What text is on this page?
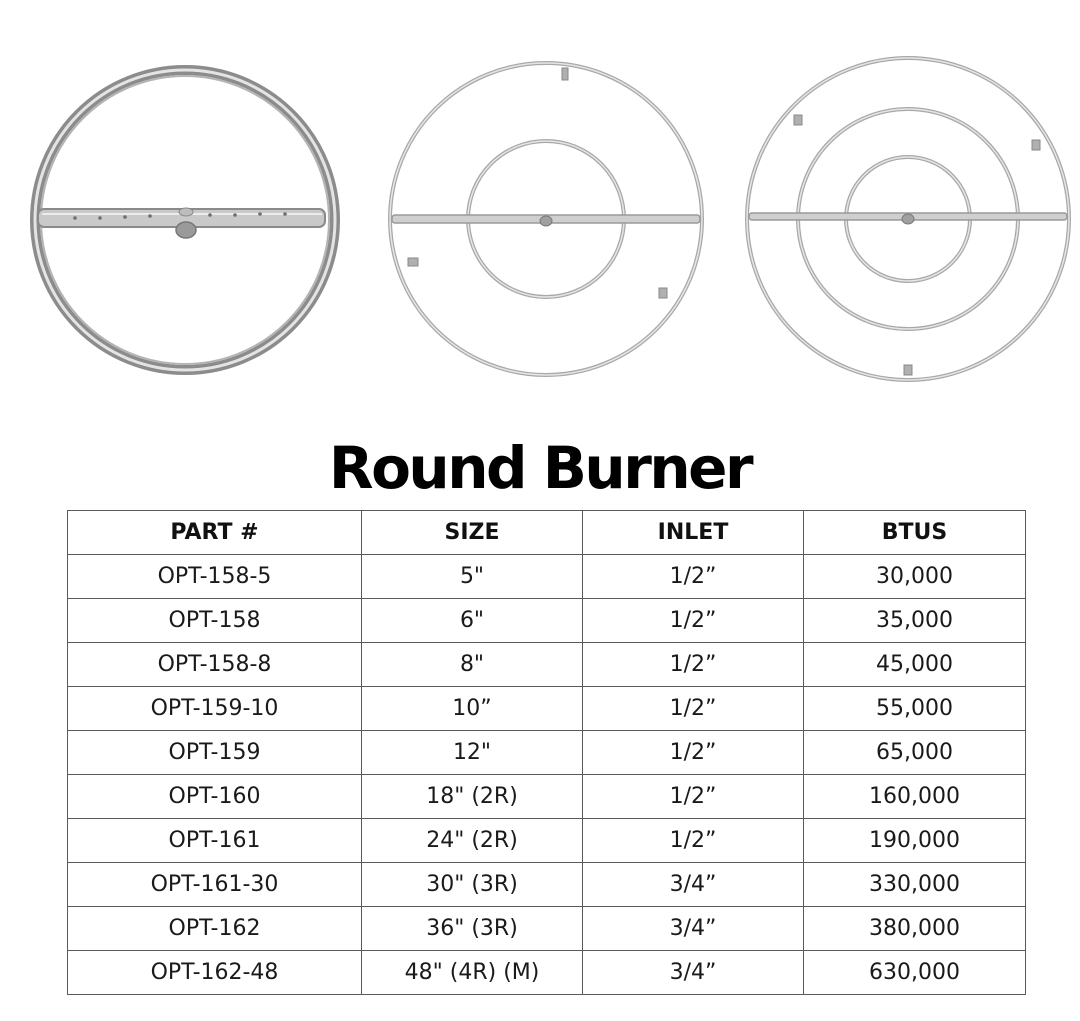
Round Burner
PART #	SIZE	INLET	BTUS
OPT-158-5	5"	1/2”	30,000
OPT-158	6"	1/2”	35,000
OPT-158-8	8"	1/2”	45,000
OPT-159-10	10”	1/2”	55,000
OPT-159	12"	1/2”	65,000
OPT-160	18" (2R)	1/2”	160,000
OPT-161	24" (2R)	1/2”	190,000
OPT-161-30	30" (3R)	3/4”	330,000
OPT-162	36" (3R)	3/4”	380,000
OPT-162-48	48" (4R) (M)	3/4”	630,000
